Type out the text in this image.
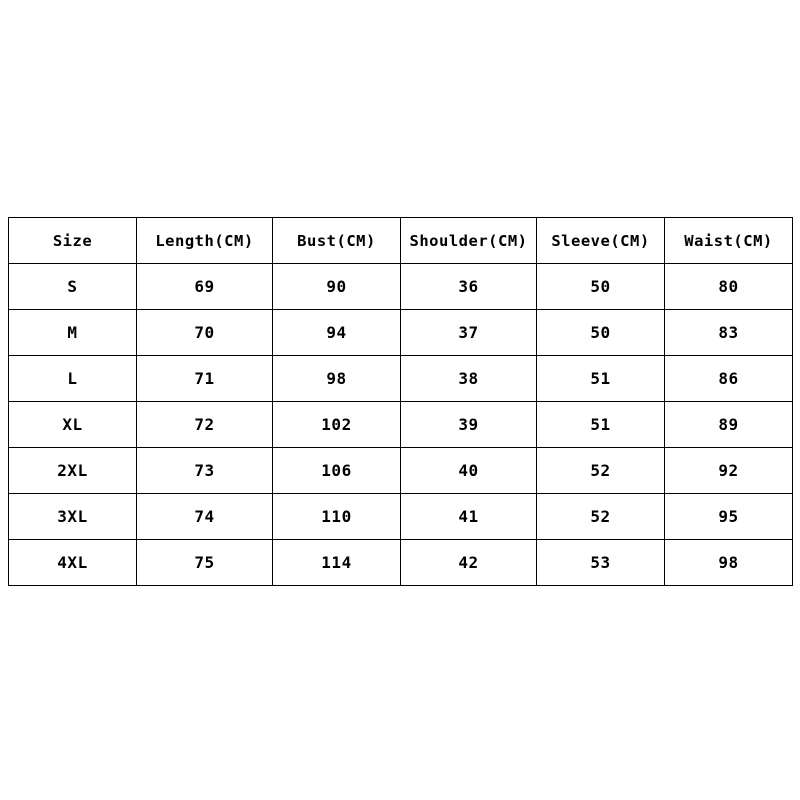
Size	Length(CM)	Bust(CM)	Shoulder(CM)	Sleeve(CM)	Waist(CM)
S	69	90	36	50	80
M	70	94	37	50	83
L	71	98	38	51	86
XL	72	102	39	51	89
2XL	73	106	40	52	92
3XL	74	110	41	52	95
4XL	75	114	42	53	98
